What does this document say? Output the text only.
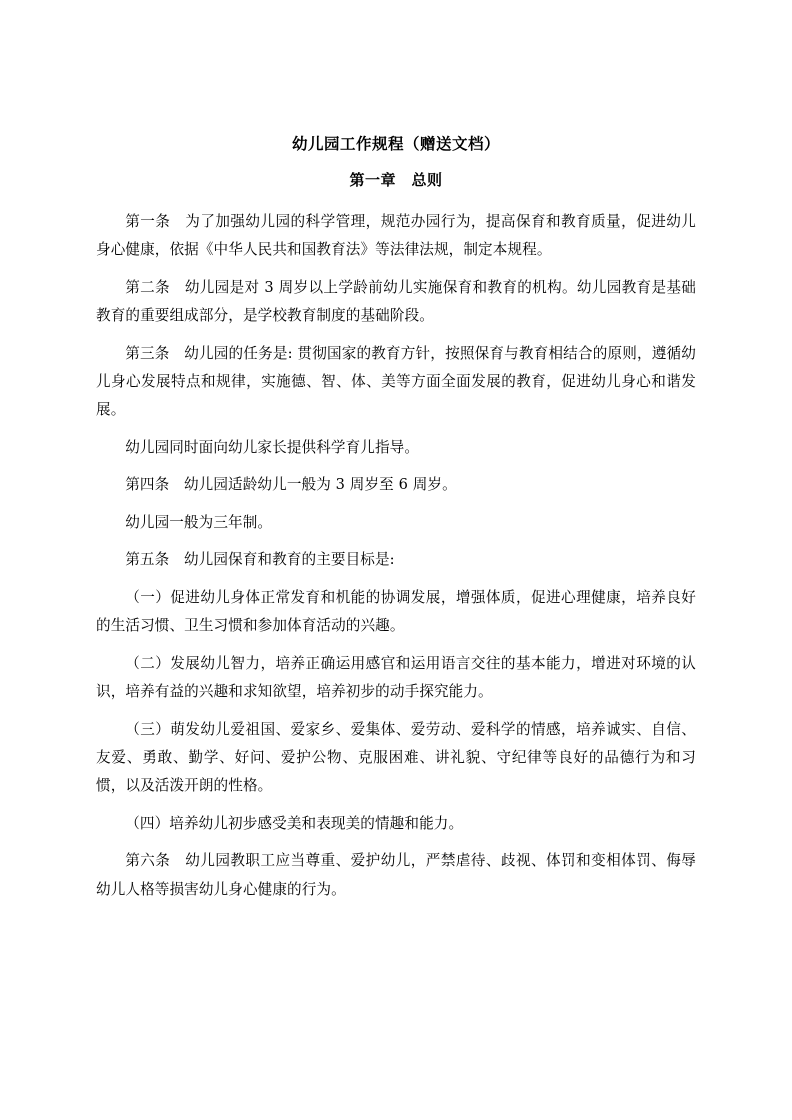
幼儿园工作规程（赠送文档）
第一章　总则

第一条　为了加强幼儿园的科学管理，规范办园行为，提高保育和教育质量，促进幼儿身心健康，依据《中华人民共和国教育法》等法律法规，制定本规程。

第二条　幼儿园是对 3 周岁以上学龄前幼儿实施保育和教育的机构。幼儿园教育是基础教育的重要组成部分，是学校教育制度的基础阶段。

第三条　幼儿园的任务是: 贯彻国家的教育方针，按照保育与教育相结合的原则，遵循幼儿身心发展特点和规律，实施德、智、体、美等方面全面发展的教育，促进幼儿身心和谐发展。

幼儿园同时面向幼儿家长提供科学育儿指导。

第四条　幼儿园适龄幼儿一般为 3 周岁至 6 周岁。

幼儿园一般为三年制。

第五条　幼儿园保育和教育的主要目标是:

（一）促进幼儿身体正常发育和机能的协调发展，增强体质，促进心理健康，培养良好的生活习惯、卫生习惯和参加体育活动的兴趣。

（二）发展幼儿智力，培养正确运用感官和运用语言交往的基本能力，增进对环境的认识，培养有益的兴趣和求知欲望，培养初步的动手探究能力。

（三）萌发幼儿爱祖国、爱家乡、爱集体、爱劳动、爱科学的情感，培养诚实、自信、友爱、勇敢、勤学、好问、爱护公物、克服困难、讲礼貌、守纪律等良好的品德行为和习惯，以及活泼开朗的性格。

（四）培养幼儿初步感受美和表现美的情趣和能力。

第六条　幼儿园教职工应当尊重、爱护幼儿，严禁虐待、歧视、体罚和变相体罚、侮辱幼儿人格等损害幼儿身心健康的行为。
